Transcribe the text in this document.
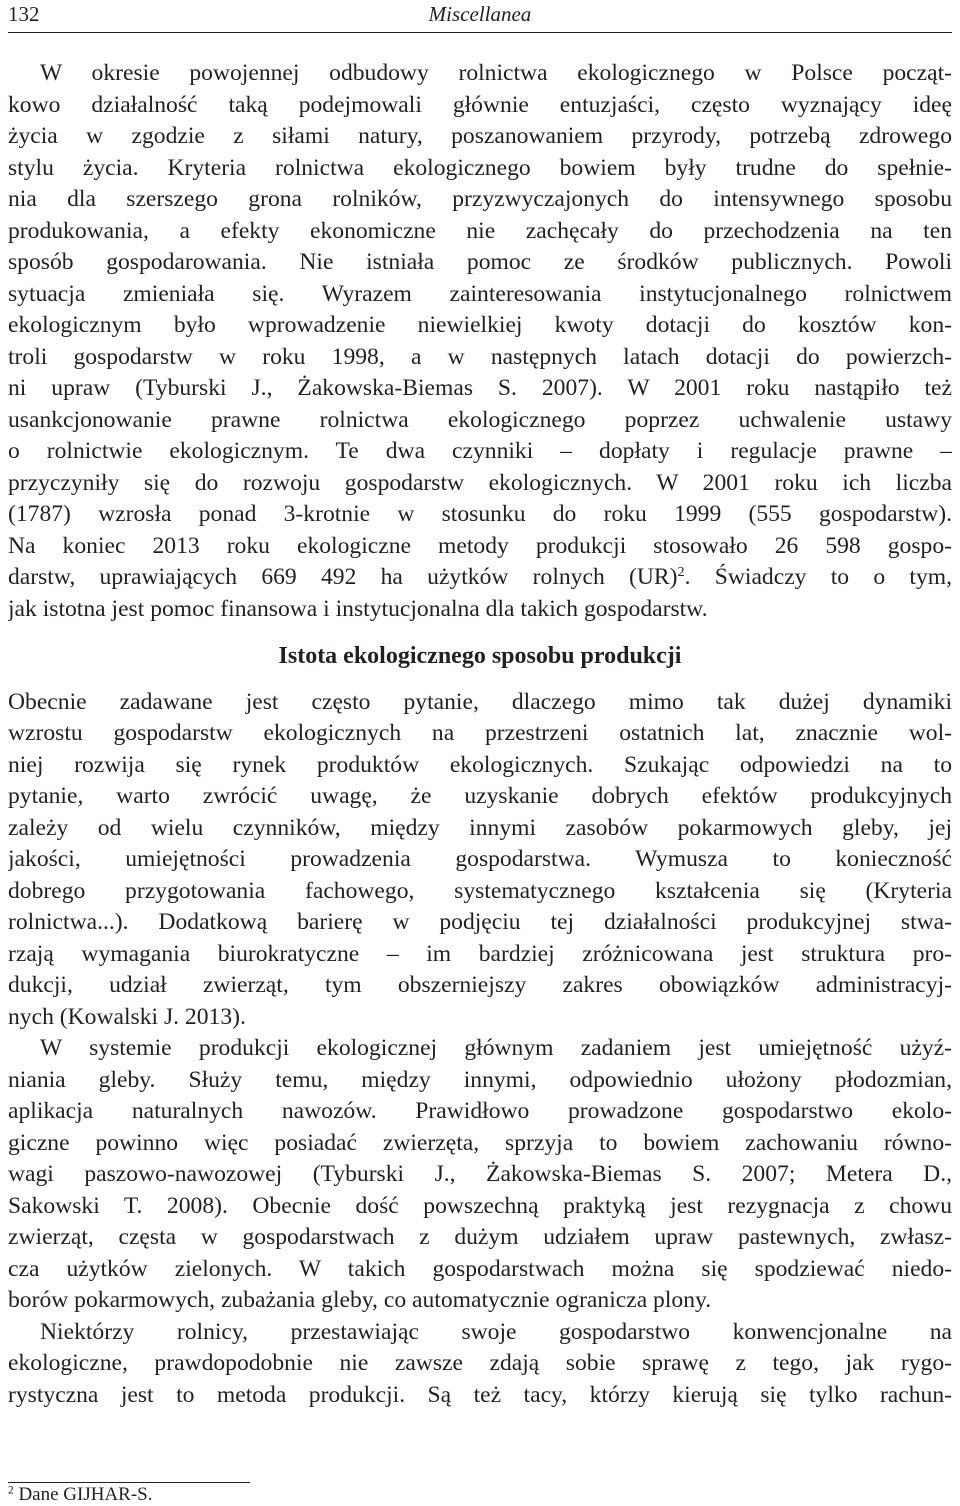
132	Miscellanea
W okresie powojennej odbudowy rolnictwa ekologicznego w Polsce począt-
kowo działalność taką podejmowali głównie entuzjaści, często wyznający ideę
życia w zgodzie z siłami natury, poszanowaniem przyrody, potrzebą zdrowego
stylu życia. Kryteria rolnictwa ekologicznego bowiem były trudne do spełnie-
nia dla szerszego grona rolników, przyzwyczajonych do intensywnego sposobu
produkowania, a efekty ekonomiczne nie zachęcały do przechodzenia na ten
sposób gospodarowania. Nie istniała pomoc ze środków publicznych. Powoli
sytuacja zmieniała się. Wyrazem zainteresowania instytucjonalnego rolnictwem
ekologicznym było wprowadzenie niewielkiej kwoty dotacji do kosztów kon-
troli gospodarstw w roku 1998, a w następnych latach dotacji do powierzch-
ni upraw (Tyburski J., Żakowska-Biemas S. 2007). W 2001 roku nastąpiło też
usankcjonowanie prawne rolnictwa ekologicznego poprzez uchwalenie ustawy
o rolnictwie ekologicznym. Te dwa czynniki – dopłaty i regulacje prawne –
przyczyniły się do rozwoju gospodarstw ekologicznych. W 2001 roku ich liczba
(1787) wzrosła ponad 3-krotnie w stosunku do roku 1999 (555 gospodarstw).
Na koniec 2013 roku ekologiczne metody produkcji stosowało 26 598 gospo-
darstw, uprawiających 669 492 ha użytków rolnych (UR)$^2$. Świadczy to o tym,
jak istotna jest pomoc finansowa i instytucjonalna dla takich gospodarstw.
Istota ekologicznego sposobu produkcji
Obecnie zadawane jest często pytanie, dlaczego mimo tak dużej dynamiki
wzrostu gospodarstw ekologicznych na przestrzeni ostatnich lat, znacznie wol-
niej rozwija się rynek produktów ekologicznych. Szukając odpowiedzi na to
pytanie, warto zwrócić uwagę, że uzyskanie dobrych efektów produkcyjnych
zależy od wielu czynników, między innymi zasobów pokarmowych gleby, jej
jakości, umiejętności prowadzenia gospodarstwa. Wymusza to konieczność
dobrego przygotowania fachowego, systematycznego kształcenia się (Kryteria
rolnictwa...). Dodatkową barierę w podjęciu tej działalności produkcyjnej stwa-
rzają wymagania biurokratyczne – im bardziej zróżnicowana jest struktura pro-
dukcji, udział zwierząt, tym obszerniejszy zakres obowiązków administracyj-
nych (Kowalski J. 2013).
W systemie produkcji ekologicznej głównym zadaniem jest umiejętność użyź-
niania gleby. Służy temu, między innymi, odpowiednio ułożony płodozmian,
aplikacja naturalnych nawozów. Prawidłowo prowadzone gospodarstwo ekolo-
giczne powinno więc posiadać zwierzęta, sprzyja to bowiem zachowaniu równo-
wagi paszowo-nawozowej (Tyburski J., Żakowska-Biemas S. 2007; Metera D.,
Sakowski T. 2008). Obecnie dość powszechną praktyką jest rezygnacja z chowu
zwierząt, częsta w gospodarstwach z dużym udziałem upraw pastewnych, zwłasz-
cza użytków zielonych. W takich gospodarstwach można się spodziewać niedo-
borów pokarmowych, zubażania gleby, co automatycznie ogranicza plony.
Niektórzy rolnicy, przestawiając swoje gospodarstwo konwencjonalne na
ekologiczne, prawdopodobnie nie zawsze zdają sobie sprawę z tego, jak rygo-
rystyczna jest to metoda produkcji. Są też tacy, którzy kierują się tylko rachun-
$^2$ Dane GIJHAR-S.
